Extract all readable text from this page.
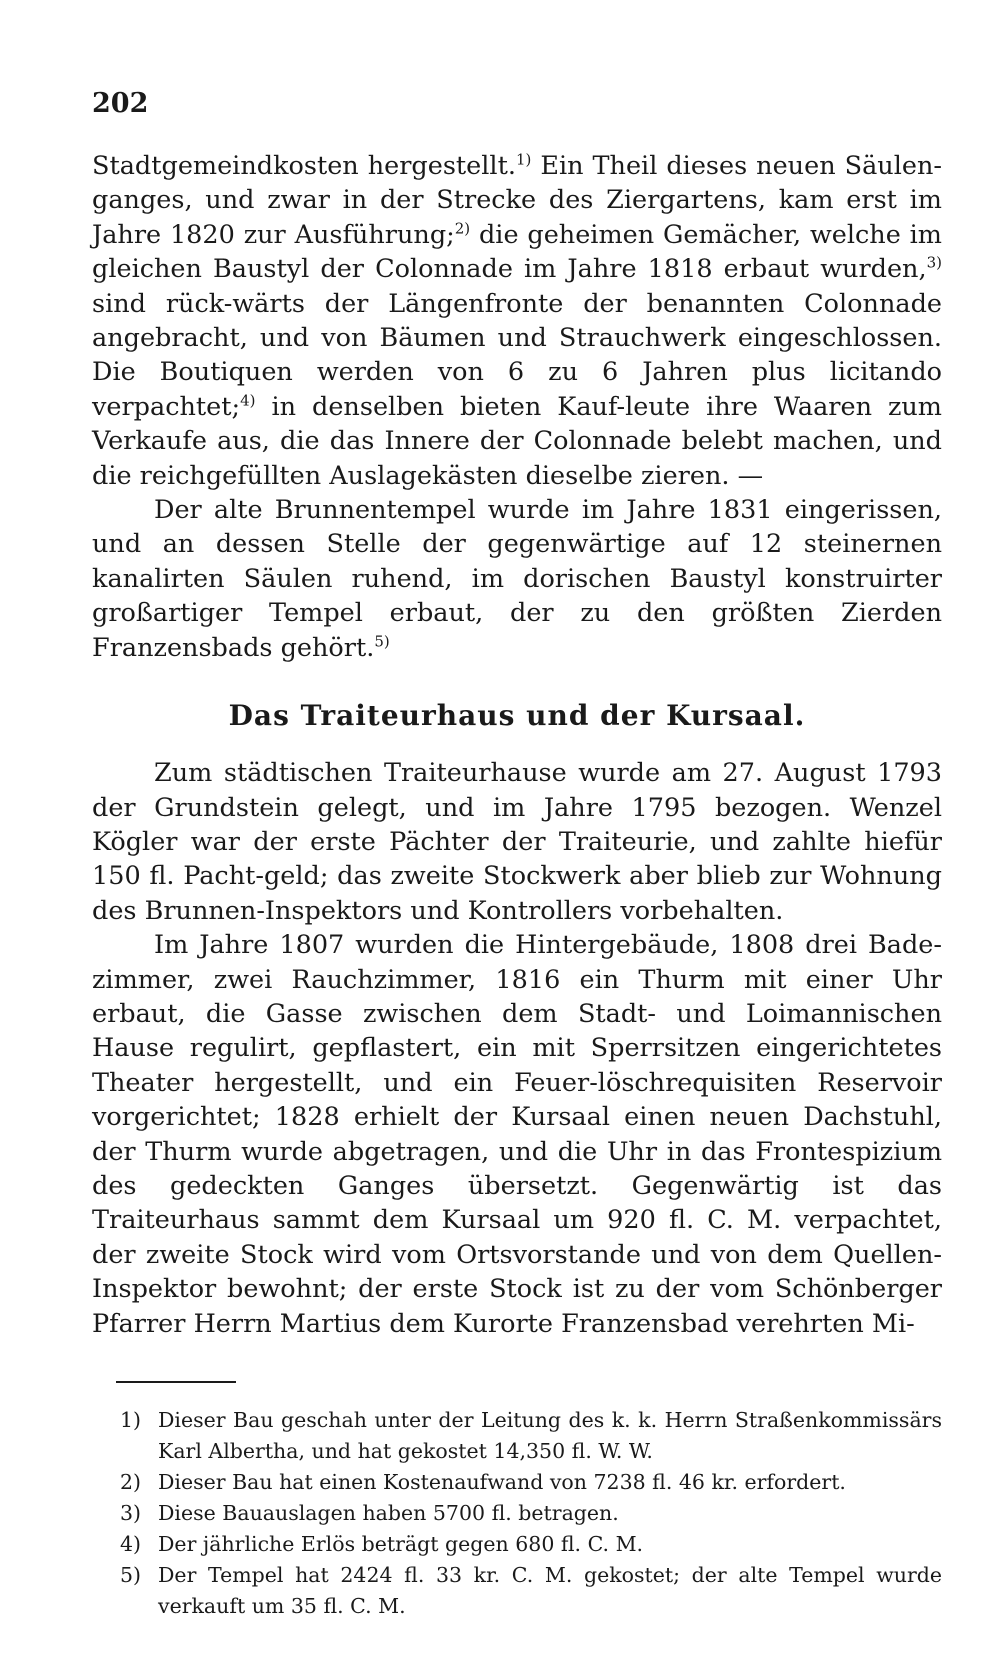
202

Stadtgemeindkosten hergestellt.$^{1)}$ Ein Theil dieses neuen Säulen-ganges, und zwar in der Strecke des Ziergartens, kam erst im Jahre 1820 zur Ausführung;$^{2)}$ die geheimen Gemächer, welche im gleichen Baustyl der Colonnade im Jahre 1818 erbaut wurden,$^{3)}$ sind rück-wärts der Längenfronte der benannten Colonnade angebracht, und von Bäumen und Strauchwerk eingeschlossen. Die Boutiquen werden von 6 zu 6 Jahren plus licitando verpachtet;$^{4)}$ in denselben bieten Kauf-leute ihre Waaren zum Verkaufe aus, die das Innere der Colonnade belebt machen, und die reichgefüllten Auslagekästen dieselbe zieren. —

Der alte Brunnentempel wurde im Jahre 1831 eingerissen, und an dessen Stelle der gegenwärtige auf 12 steinernen kanalirten Säulen ruhend, im dorischen Baustyl konstruirter großartiger Tempel erbaut, der zu den größten Zierden Franzensbads gehört.$^{5)}$

Das Traiteurhaus und der Kursaal.

Zum städtischen Traiteurhause wurde am 27. August 1793 der Grundstein gelegt, und im Jahre 1795 bezogen. Wenzel Kögler war der erste Pächter der Traiteurie, und zahlte hiefür 150 fl. Pacht-geld; das zweite Stockwerk aber blieb zur Wohnung des Brunnen-Inspektors und Kontrollers vorbehalten.

Im Jahre 1807 wurden die Hintergebäude, 1808 drei Bade-zimmer, zwei Rauchzimmer, 1816 ein Thurm mit einer Uhr erbaut, die Gasse zwischen dem Stadt- und Loimannischen Hause regulirt, gepflastert, ein mit Sperrsitzen eingerichtetes Theater hergestellt, und ein Feuer-löschrequisiten Reservoir vorgerichtet; 1828 erhielt der Kursaal einen neuen Dachstuhl, der Thurm wurde abgetragen, und die Uhr in das Frontespizium des gedeckten Ganges übersetzt. Gegenwärtig ist das Traiteurhaus sammt dem Kursaal um 920 fl. C. M. verpachtet, der zweite Stock wird vom Ortsvorstande und von dem Quellen-Inspektor bewohnt; der erste Stock ist zu der vom Schönberger Pfarrer Herrn Martius dem Kurorte Franzensbad verehrten Mi-

1) Dieser Bau geschah unter der Leitung des k. k. Herrn Straßenkommissärs Karl Albertha, und hat gekostet 14,350 fl. W. W.
2) Dieser Bau hat einen Kostenaufwand von 7238 fl. 46 kr. erfordert.
3) Diese Bauauslagen haben 5700 fl. betragen.
4) Der jährliche Erlös beträgt gegen 680 fl. C. M.
5) Der Tempel hat 2424 fl. 33 kr. C. M. gekostet; der alte Tempel wurde verkauft um 35 fl. C. M.
